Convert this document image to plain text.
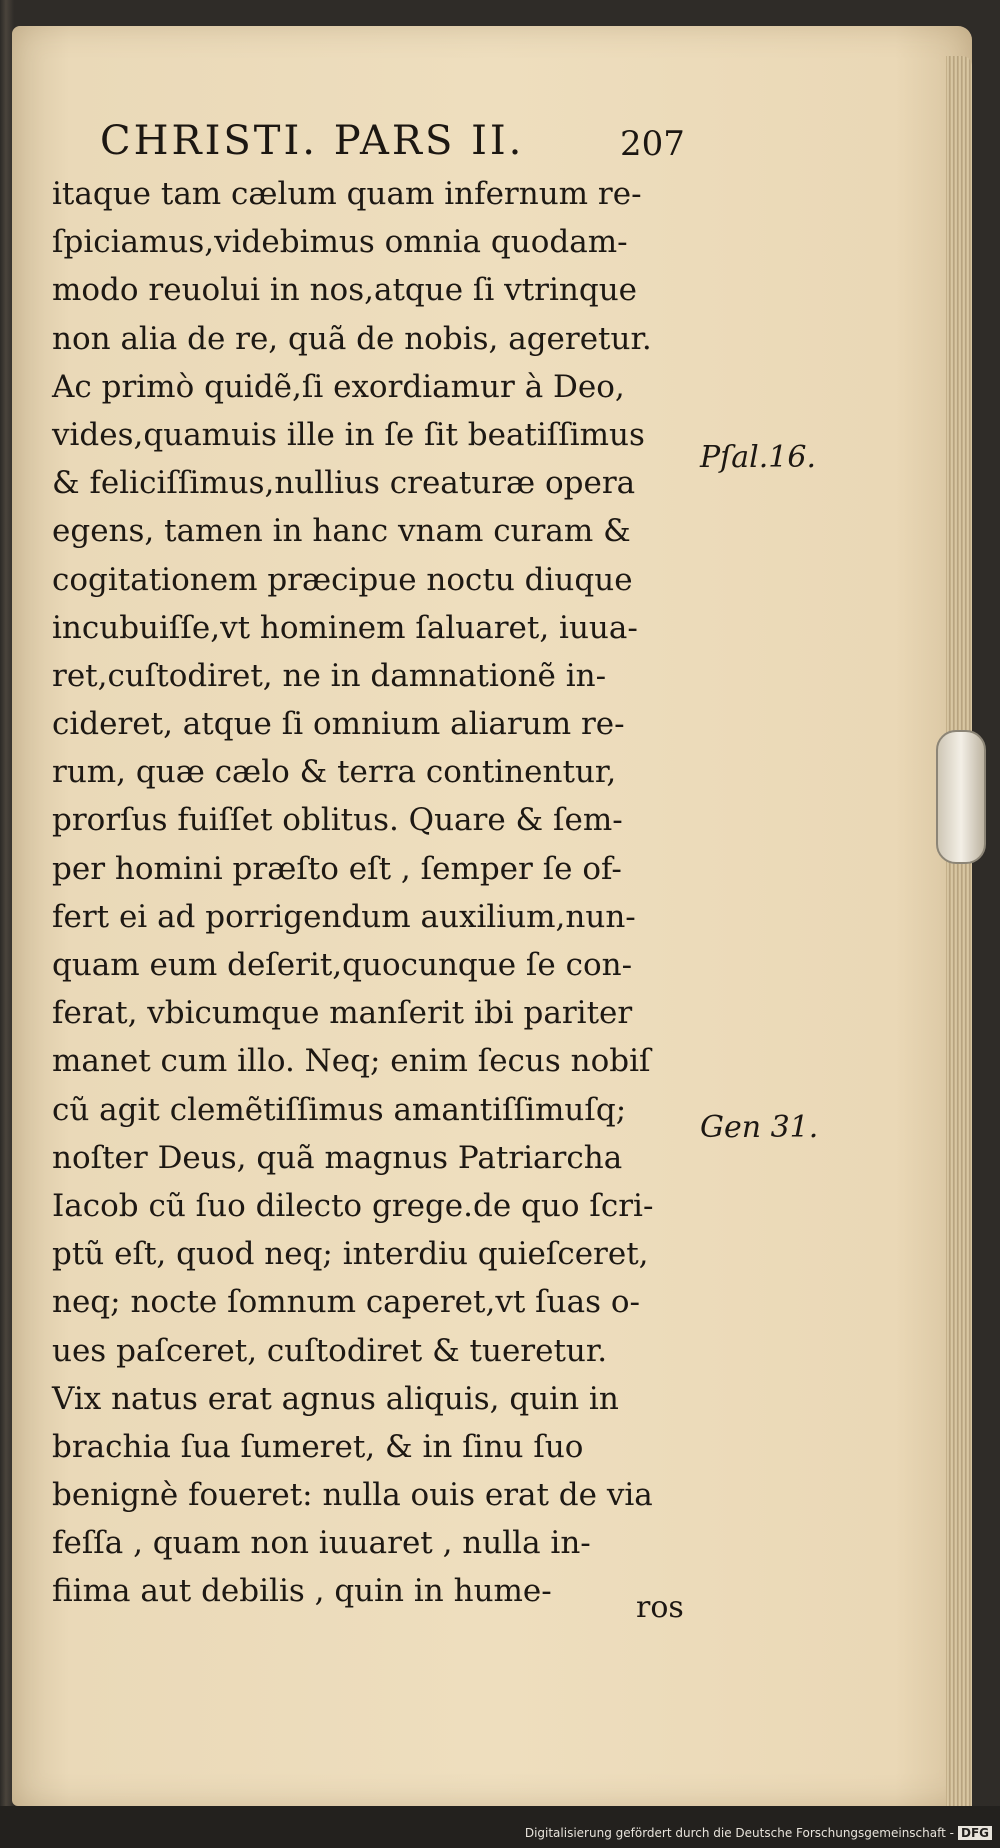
CHRISTI. PARS II.	207
itaque tam cælum quam infernum re-
ſpiciamus,videbimus omnia quodam-
modo reuolui in nos,atque ſi vtrinque
non alia de re, quã de nobis, ageretur.
Ac primò quidẽ,ſi exordiamur à Deo,
vides,quamuis ille in ſe ſit beatiſſimus
& feliciſſimus,nullius creaturæ opera
egens, tamen in hanc vnam curam &
cogitationem præcipue noctu diuque
incubuiſſe,vt hominem ſaluaret, iuua-
ret,cuſtodiret, ne in damnationẽ in-
cideret, atque ſi omnium aliarum re-
rum, quæ cælo & terra continentur,
prorſus fuiſſet oblitus. Quare & ſem-
per homini præſto eſt , ſemper ſe of-
fert ei ad porrigendum auxilium,nun-
quam eum deſerit,quocunque ſe con-
ferat, vbicumque manſerit ibi pariter
manet cum illo. Neq; enim ſecus nobiſ
cũ agit clemẽtiſſimus amantiſſimuſq;
noſter Deus, quã magnus Patriarcha
Iacob cũ ſuo dilecto grege.de quo ſcri-
ptũ eſt, quod neq; interdiu quieſceret,
neq; nocte ſomnum caperet,vt ſuas o-
ues paſceret, cuſtodiret & tueretur.
Vix natus erat agnus aliquis, quin in
brachia ſua ſumeret, & in ſinu ſuo
benignè foueret: nulla ouis erat de via
feſſa , quam non iuuaret , nulla in-
fiima aut debilis , quin in hume-	ros
Pſal.16.
Gen 31.
Digitalisierung gefördert durch die Deutsche Forschungsgemeinschaft - DFG
